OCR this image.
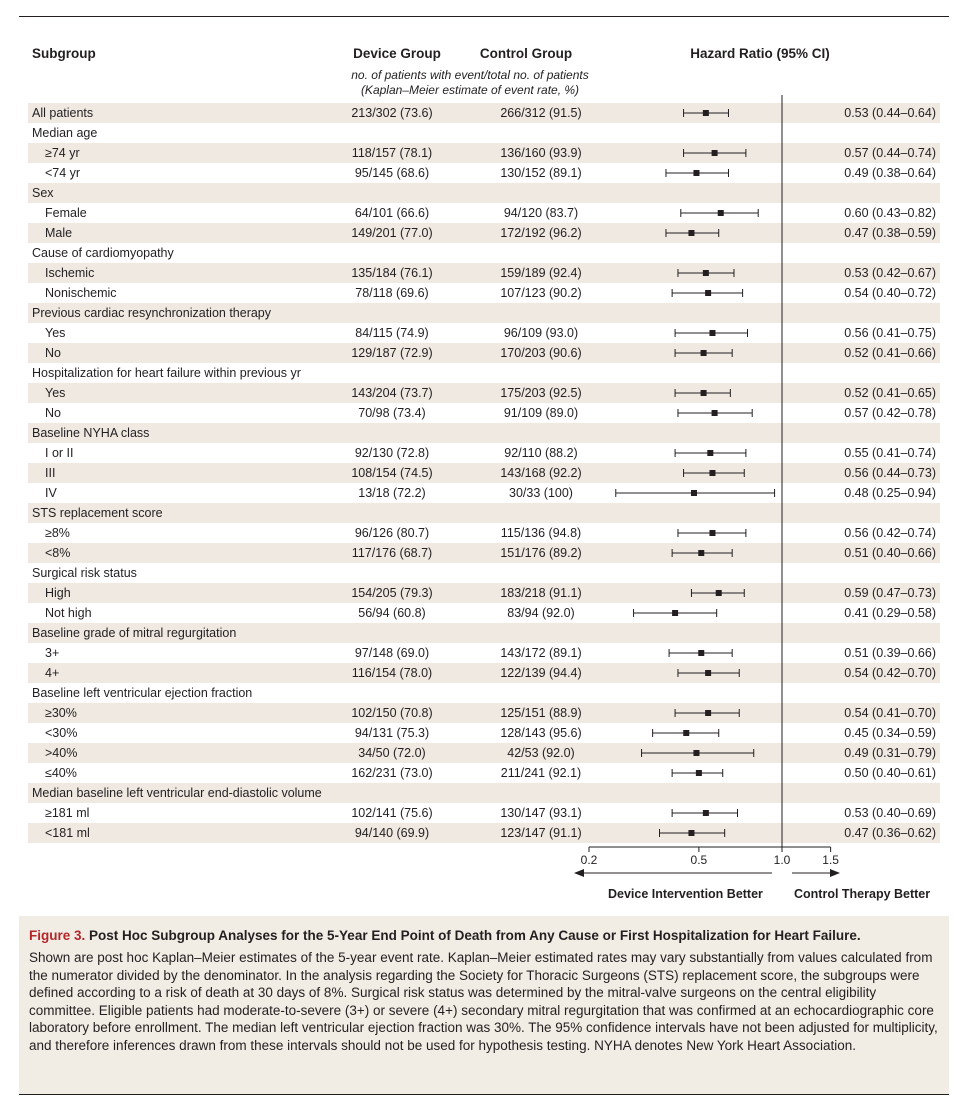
Subgroup	Device Group	Control Group	Hazard Ratio (95% CI)
no. of patients with event/total no. of patients
(Kaplan–Meier estimate of event rate, %)
All patients	213/302 (73.6)	266/312 (91.5)	0.53 (0.44–0.64)
Median age
≥74 yr	118/157 (78.1)	136/160 (93.9)	0.57 (0.44–0.74)
<74 yr	95/145 (68.6)	130/152 (89.1)	0.49 (0.38–0.64)
Sex
Female	64/101 (66.6)	94/120 (83.7)	0.60 (0.43–0.82)
Male	149/201 (77.0)	172/192 (96.2)	0.47 (0.38–0.59)
Cause of cardiomyopathy
Ischemic	135/184 (76.1)	159/189 (92.4)	0.53 (0.42–0.67)
Nonischemic	78/118 (69.6)	107/123 (90.2)	0.54 (0.40–0.72)
Previous cardiac resynchronization therapy
Yes	84/115 (74.9)	96/109 (93.0)	0.56 (0.41–0.75)
No	129/187 (72.9)	170/203 (90.6)	0.52 (0.41–0.66)
Hospitalization for heart failure within previous yr
Yes	143/204 (73.7)	175/203 (92.5)	0.52 (0.41–0.65)
No	70/98 (73.4)	91/109 (89.0)	0.57 (0.42–0.78)
Baseline NYHA class
I or II	92/130 (72.8)	92/110 (88.2)	0.55 (0.41–0.74)
III	108/154 (74.5)	143/168 (92.2)	0.56 (0.44–0.73)
IV	13/18 (72.2)	30/33 (100)	0.48 (0.25–0.94)
STS replacement score
≥8%	96/126 (80.7)	115/136 (94.8)	0.56 (0.42–0.74)
<8%	117/176 (68.7)	151/176 (89.2)	0.51 (0.40–0.66)
Surgical risk status
High	154/205 (79.3)	183/218 (91.1)	0.59 (0.47–0.73)
Not high	56/94 (60.8)	83/94 (92.0)	0.41 (0.29–0.58)
Baseline grade of mitral regurgitation
3+	97/148 (69.0)	143/172 (89.1)	0.51 (0.39–0.66)
4+	116/154 (78.0)	122/139 (94.4)	0.54 (0.42–0.70)
Baseline left ventricular ejection fraction
≥30%	102/150 (70.8)	125/151 (88.9)	0.54 (0.41–0.70)
<30%	94/131 (75.3)	128/143 (95.6)	0.45 (0.34–0.59)
>40%	34/50 (72.0)	42/53 (92.0)	0.49 (0.31–0.79)
≤40%	162/231 (73.0)	211/241 (92.1)	0.50 (0.40–0.61)
Median baseline left ventricular end-diastolic volume
≥181 ml	102/141 (75.6)	130/147 (93.1)	0.53 (0.40–0.69)
<181 ml	94/140 (69.9)	123/147 (91.1)	0.47 (0.36–0.62)
0.2	0.5	1.0	1.5
Device Intervention Better Control Therapy Better
Figure 3. Post Hoc Subgroup Analyses for the 5-Year End Point of Death from Any Cause or First Hospitalization for Heart Failure.
Shown are post hoc Kaplan–Meier estimates of the 5-year event rate. Kaplan–Meier estimated rates may vary substantially from values calculated from the numerator divided by the denominator. In the analysis regarding the Society for Thoracic Surgeons (STS) replacement score, the subgroups were defined according to a risk of death at 30 days of 8%. Surgical risk status was determined by the mitral-valve surgeons on the central eligibility committee. Eligible patients had moderate-to-severe (3+) or severe (4+) secondary mitral regurgitation that was confirmed at an echocardiographic core laboratory before enrollment. The median left ventricular ejection fraction was 30%. The 95% confidence intervals have not been adjusted for multiplicity, and therefore inferences drawn from these intervals should not be used for hypothesis testing. NYHA denotes New York Heart Association.
